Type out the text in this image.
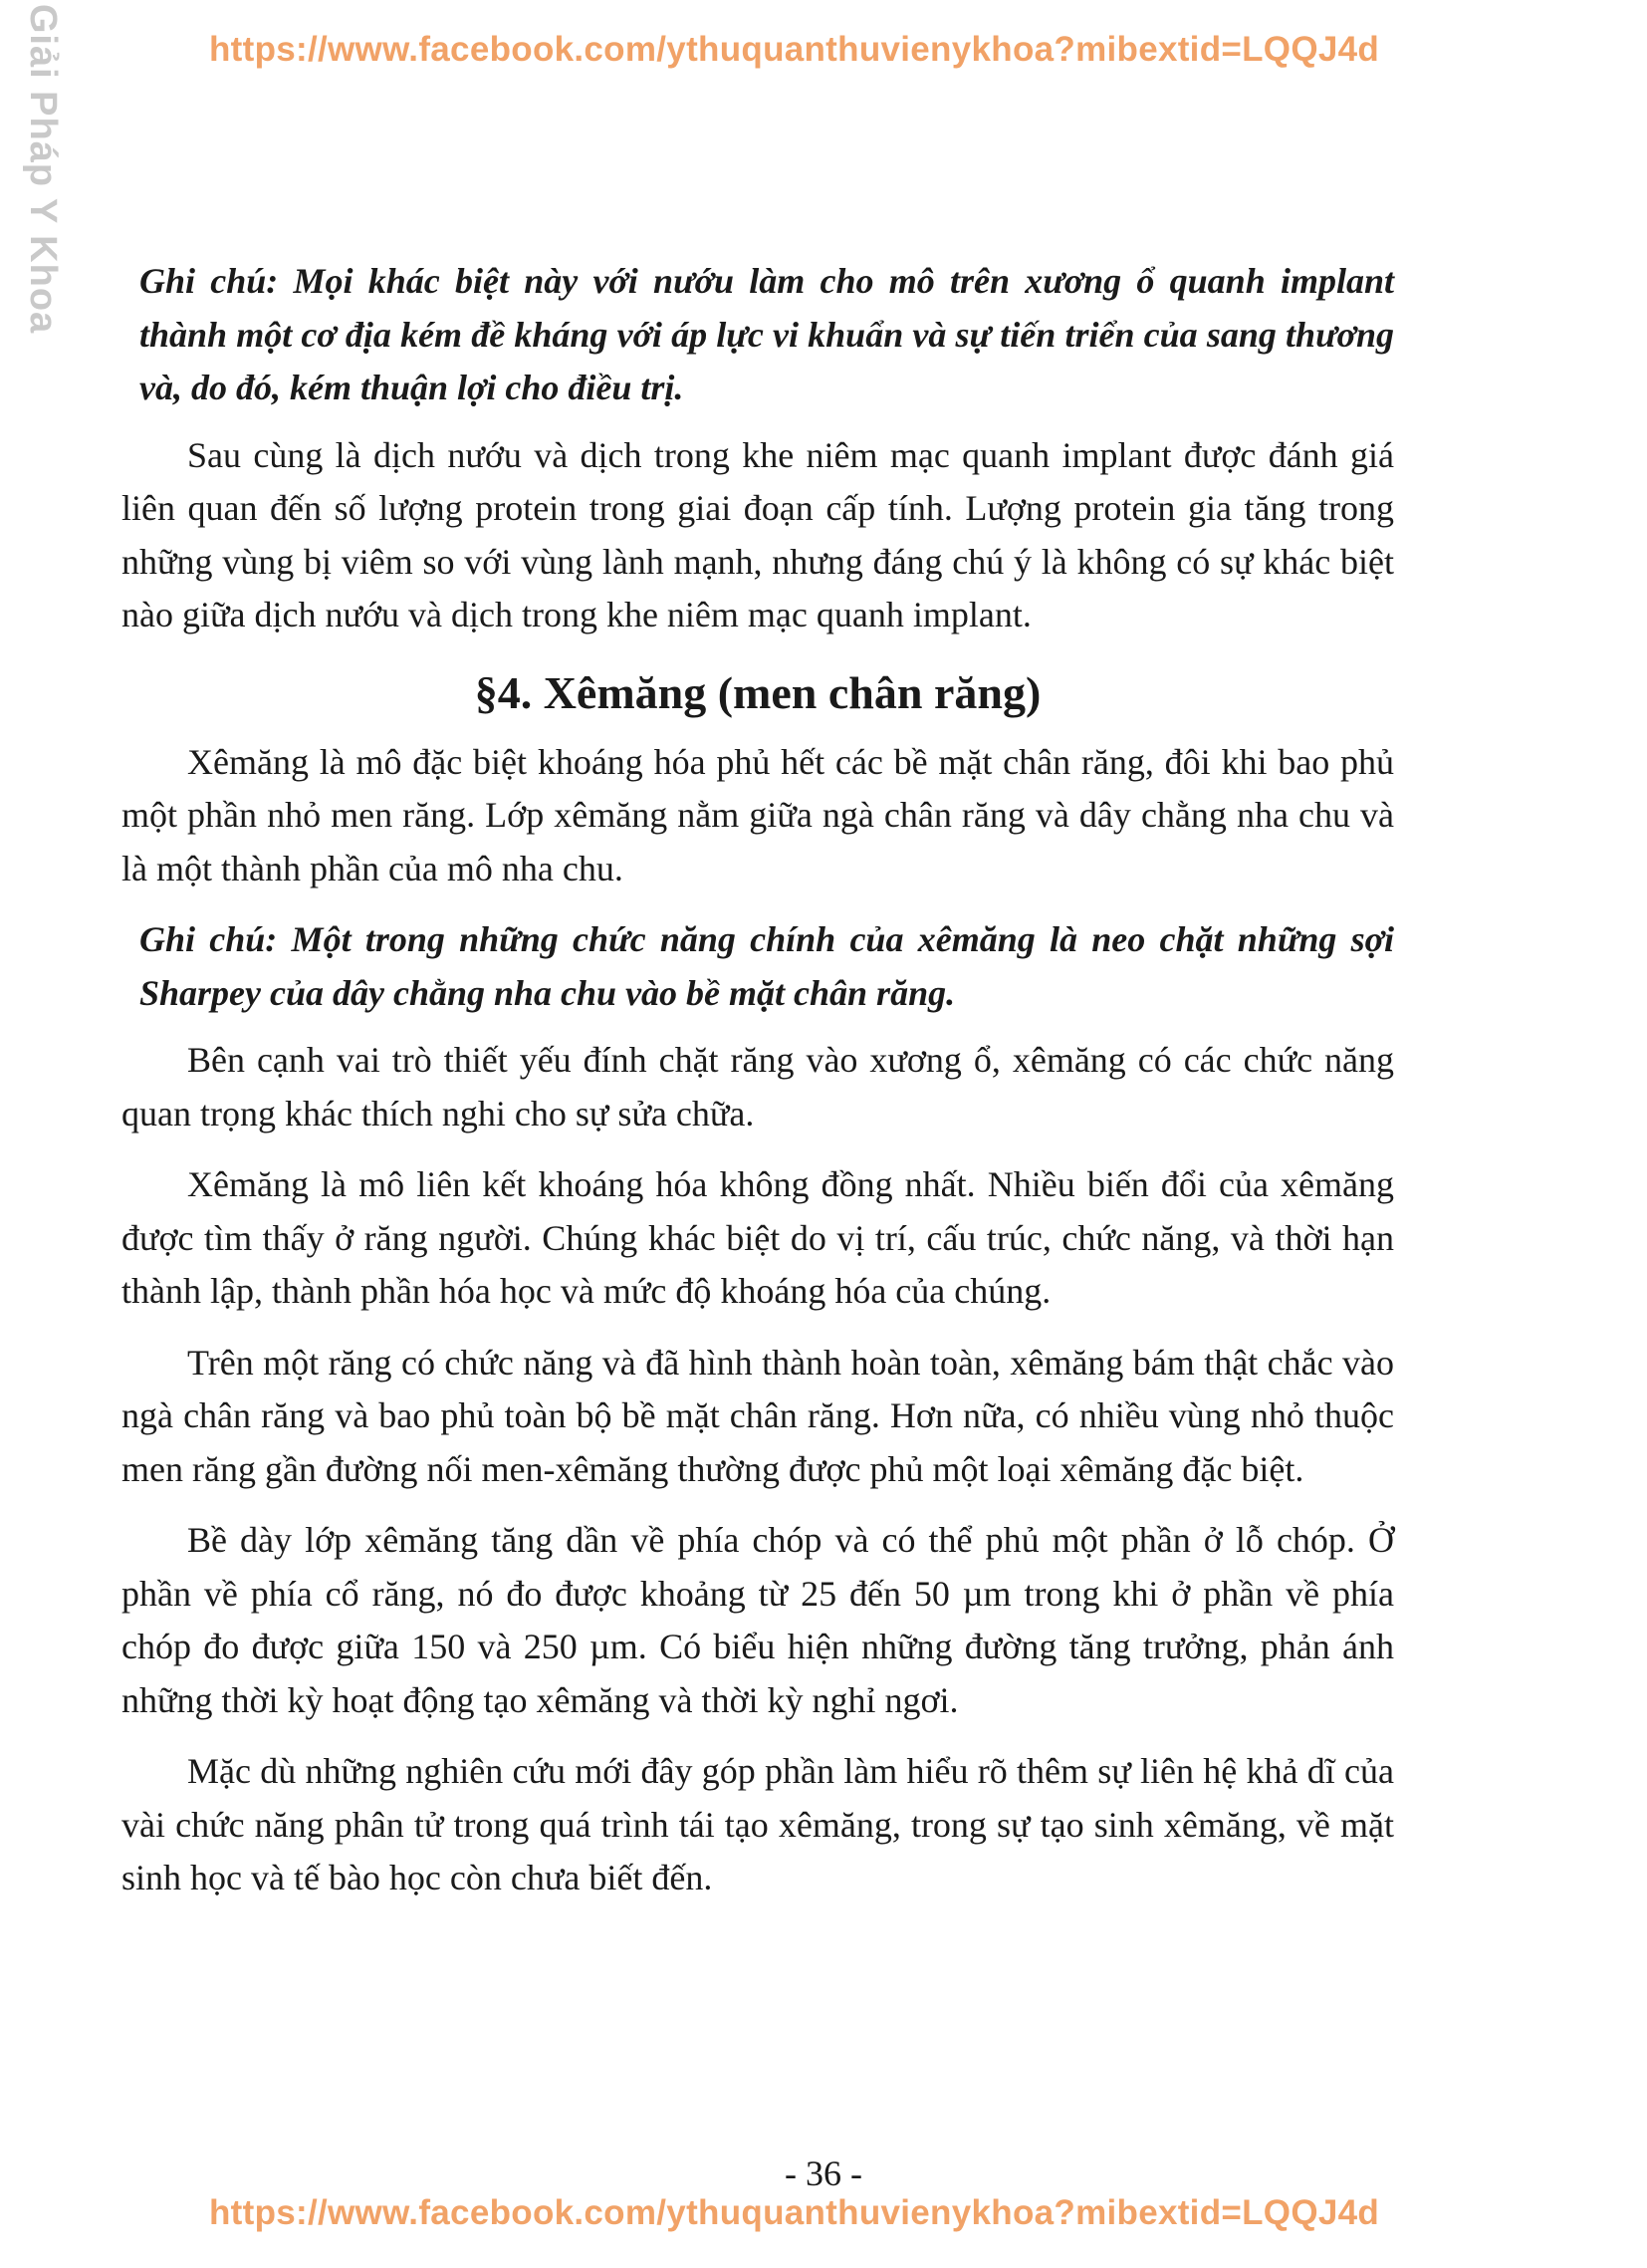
Giải Pháp Y Khoa	https://www.facebook.com/ythuquanthuvienykhoa?mibextid=LQQJ4d

Ghi chú: Mọi khác biệt này với nướu làm cho mô trên xương ổ quanh implant thành một cơ địa kém đề kháng với áp lực vi khuẩn và sự tiến triển của sang thương và, do đó, kém thuận lợi cho điều trị.

Sau cùng là dịch nướu và dịch trong khe niêm mạc quanh implant được đánh giá liên quan đến số lượng protein trong giai đoạn cấp tính. Lượng protein gia tăng trong những vùng bị viêm so với vùng lành mạnh, nhưng đáng chú ý là không có sự khác biệt nào giữa dịch nướu và dịch trong khe niêm mạc quanh implant.

§4. Xêmăng (men chân răng)

Xêmăng là mô đặc biệt khoáng hóa phủ hết các bề mặt chân răng, đôi khi bao phủ một phần nhỏ men răng. Lớp xêmăng nằm giữa ngà chân răng và dây chằng nha chu và là một thành phần của mô nha chu.

Ghi chú: Một trong những chức năng chính của xêmăng là neo chặt những sợi Sharpey của dây chằng nha chu vào bề mặt chân răng.

Bên cạnh vai trò thiết yếu đính chặt răng vào xương ổ, xêmăng có các chức năng quan trọng khác thích nghi cho sự sửa chữa.

Xêmăng là mô liên kết khoáng hóa không đồng nhất. Nhiều biến đổi của xêmăng được tìm thấy ở răng người. Chúng khác biệt do vị trí, cấu trúc, chức năng, và thời hạn thành lập, thành phần hóa học và mức độ khoáng hóa của chúng.

Trên một răng có chức năng và đã hình thành hoàn toàn, xêmăng bám thật chắc vào ngà chân răng và bao phủ toàn bộ bề mặt chân răng. Hơn nữa, có nhiều vùng nhỏ thuộc men răng gần đường nối men-xêmăng thường được phủ một loại xêmăng đặc biệt.

Bề dày lớp xêmăng tăng dần về phía chóp và có thể phủ một phần ở lỗ chóp. Ở phần về phía cổ răng, nó đo được khoảng từ 25 đến 50 µm trong khi ở phần về phía chóp đo được giữa 150 và 250 µm. Có biểu hiện những đường tăng trưởng, phản ánh những thời kỳ hoạt động tạo xêmăng và thời kỳ nghỉ ngơi.

Mặc dù những nghiên cứu mới đây góp phần làm hiểu rõ thêm sự liên hệ khả dĩ của vài chức năng phân tử trong quá trình tái tạo xêmăng, trong sự tạo sinh xêmăng, về mặt sinh học và tế bào học còn chưa biết đến.

- 36 -
https://www.facebook.com/ythuquanthuvienykhoa?mibextid=LQQJ4d
